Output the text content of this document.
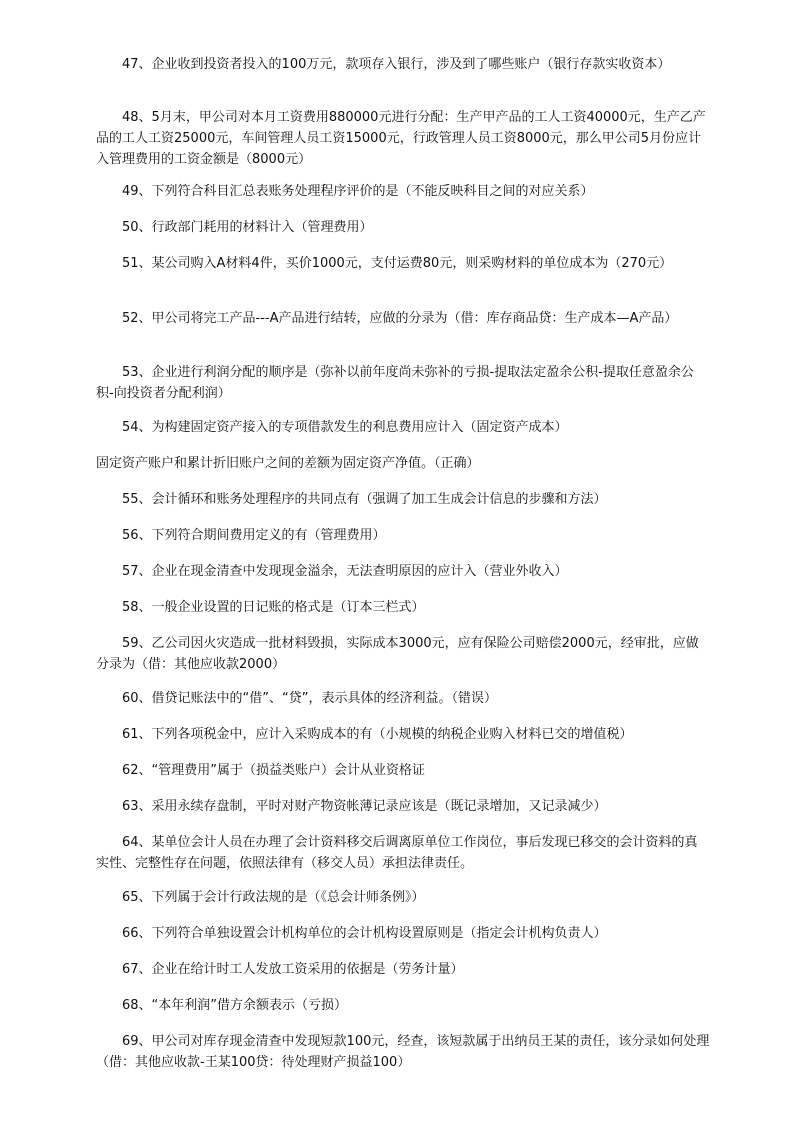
47、企业收到投资者投入的100万元，款项存入银行，涉及到了哪些账户（银行存款实收资本）

48、5月末，甲公司对本月工资费用880000元进行分配：生产甲产品的工人工资40000元，生产乙产品的工人工资25000元，车间管理人员工资15000元，行政管理人员工资8000元，那么甲公司5月份应计入管理费用的工资金额是（8000元）

49、下列符合科目汇总表账务处理程序评价的是（不能反映科目之间的对应关系）

50、行政部门耗用的材料计入（管理费用）

51、某公司购入A材料4件，买价1000元，支付运费80元，则采购材料的单位成本为（270元）

52、甲公司将完工产品---A产品进行结转，应做的分录为（借：库存商品贷：生产成本—A产品）

53、企业进行利润分配的顺序是（弥补以前年度尚未弥补的亏损-提取法定盈余公积-提取任意盈余公积-向投资者分配利润）

54、为构建固定资产接入的专项借款发生的利息费用应计入（固定资产成本）

固定资产账户和累计折旧账户之间的差额为固定资产净值。（正确）

55、会计循环和账务处理程序的共同点有（强调了加工生成会计信息的步骤和方法）

56、下列符合期间费用定义的有（管理费用）

57、企业在现金清查中发现现金溢余，无法查明原因的应计入（营业外收入）

58、一般企业设置的日记账的格式是（订本三栏式）

59、乙公司因火灾造成一批材料毁损，实际成本3000元，应有保险公司赔偿2000元，经审批，应做分录为（借：其他应收款2000）

60、借贷记账法中的“借”、“贷”，表示具体的经济利益。（错误）

61、下列各项税金中，应计入采购成本的有（小规模的纳税企业购入材料已交的增值税）

62、“管理费用”属于（损益类账户）会计从业资格证

63、采用永续存盘制，平时对财产物资帐薄记录应该是（既记录增加，又记录减少）

64、某单位会计人员在办理了会计资料移交后调离原单位工作岗位，事后发现已移交的会计资料的真实性、完整性存在问题，依照法律有（移交人员）承担法律责任。

65、下列属于会计行政法规的是（《总会计师条例》）

66、下列符合单独设置会计机构单位的会计机构设置原则是（指定会计机构负责人）

67、企业在给计时工人发放工资采用的依据是（劳务计量）

68、“本年利润”借方余额表示（亏损）

69、甲公司对库存现金清查中发现短款100元，经查，该短款属于出纳员王某的责任，该分录如何处理（借：其他应收款-王某100贷：待处理财产损益100）
